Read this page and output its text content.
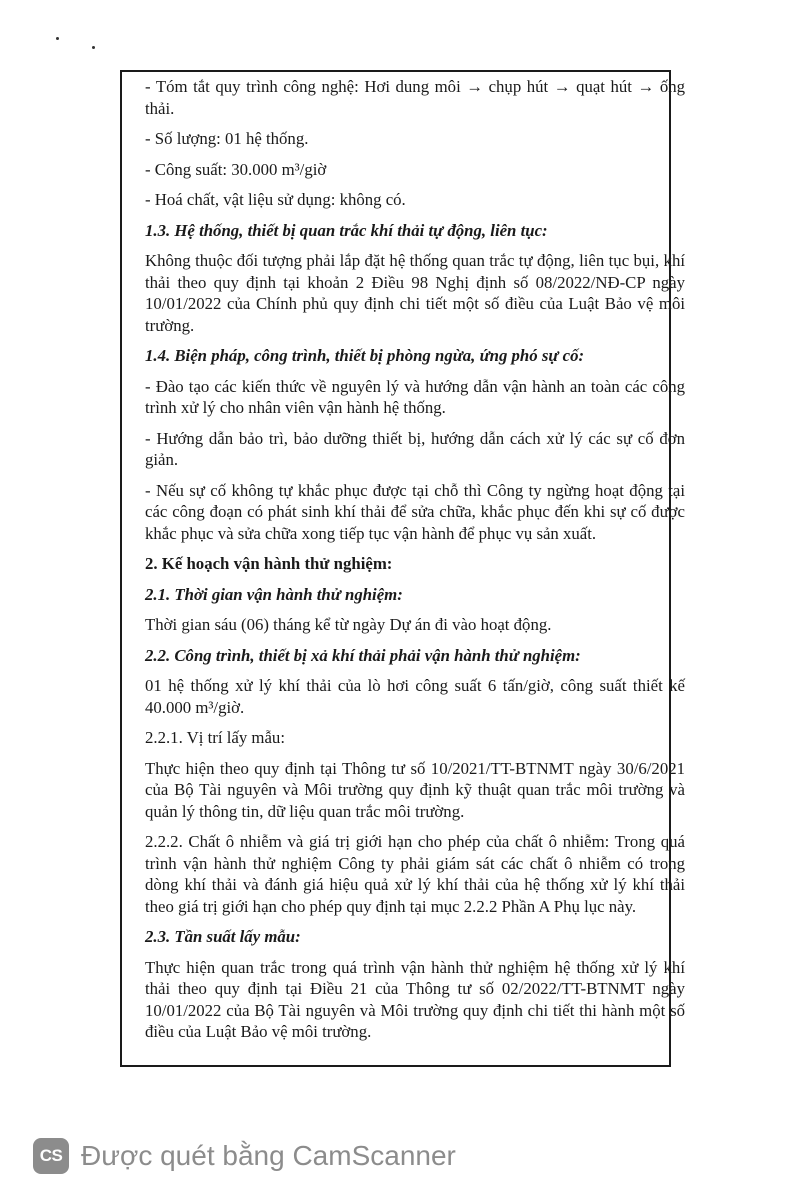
- Tóm tắt quy trình công nghệ: Hơi dung môi → chụp hút → quạt hút → ống thải.

- Số lượng: 01 hệ thống.

- Công suất: 30.000 m³/giờ

- Hoá chất, vật liệu sử dụng: không có.

1.3. Hệ thống, thiết bị quan trắc khí thải tự động, liên tục:

Không thuộc đối tượng phải lắp đặt hệ thống quan trắc tự động, liên tục bụi, khí thải theo quy định tại khoản 2 Điều 98 Nghị định số 08/2022/NĐ-CP ngày 10/01/2022 của Chính phủ quy định chi tiết một số điều của Luật Bảo vệ môi trường.

1.4. Biện pháp, công trình, thiết bị phòng ngừa, ứng phó sự cố:

- Đào tạo các kiến thức về nguyên lý và hướng dẫn vận hành an toàn các công trình xử lý cho nhân viên vận hành hệ thống.

- Hướng dẫn bảo trì, bảo dưỡng thiết bị, hướng dẫn cách xử lý các sự cố đơn giản.

- Nếu sự cố không tự khắc phục được tại chỗ thì Công ty ngừng hoạt động tại các công đoạn có phát sinh khí thải để sửa chữa, khắc phục đến khi sự cố được khắc phục và sửa chữa xong tiếp tục vận hành để phục vụ sản xuất.

2. Kế hoạch vận hành thử nghiệm:

2.1. Thời gian vận hành thử nghiệm:

Thời gian sáu (06) tháng kể từ ngày Dự án đi vào hoạt động.

2.2. Công trình, thiết bị xả khí thải phải vận hành thử nghiệm:

01 hệ thống xử lý khí thải của lò hơi công suất 6 tấn/giờ, công suất thiết kế 40.000 m³/giờ.

2.2.1. Vị trí lấy mẫu:

Thực hiện theo quy định tại Thông tư số 10/2021/TT-BTNMT ngày 30/6/2021 của Bộ Tài nguyên và Môi trường quy định kỹ thuật quan trắc môi trường và quản lý thông tin, dữ liệu quan trắc môi trường.

2.2.2. Chất ô nhiễm và giá trị giới hạn cho phép của chất ô nhiễm: Trong quá trình vận hành thử nghiệm Công ty phải giám sát các chất ô nhiễm có trong dòng khí thải và đánh giá hiệu quả xử lý khí thải của hệ thống xử lý khí thải theo giá trị giới hạn cho phép quy định tại mục 2.2.2 Phần A Phụ lục này.

2.3. Tần suất lấy mẫu:

Thực hiện quan trắc trong quá trình vận hành thử nghiệm hệ thống xử lý khí thải theo quy định tại Điều 21 của Thông tư số 02/2022/TT-BTNMT ngày 10/01/2022 của Bộ Tài nguyên và Môi trường quy định chi tiết thi hành một số điều của Luật Bảo vệ môi trường.

CS Được quét bằng CamScanner
